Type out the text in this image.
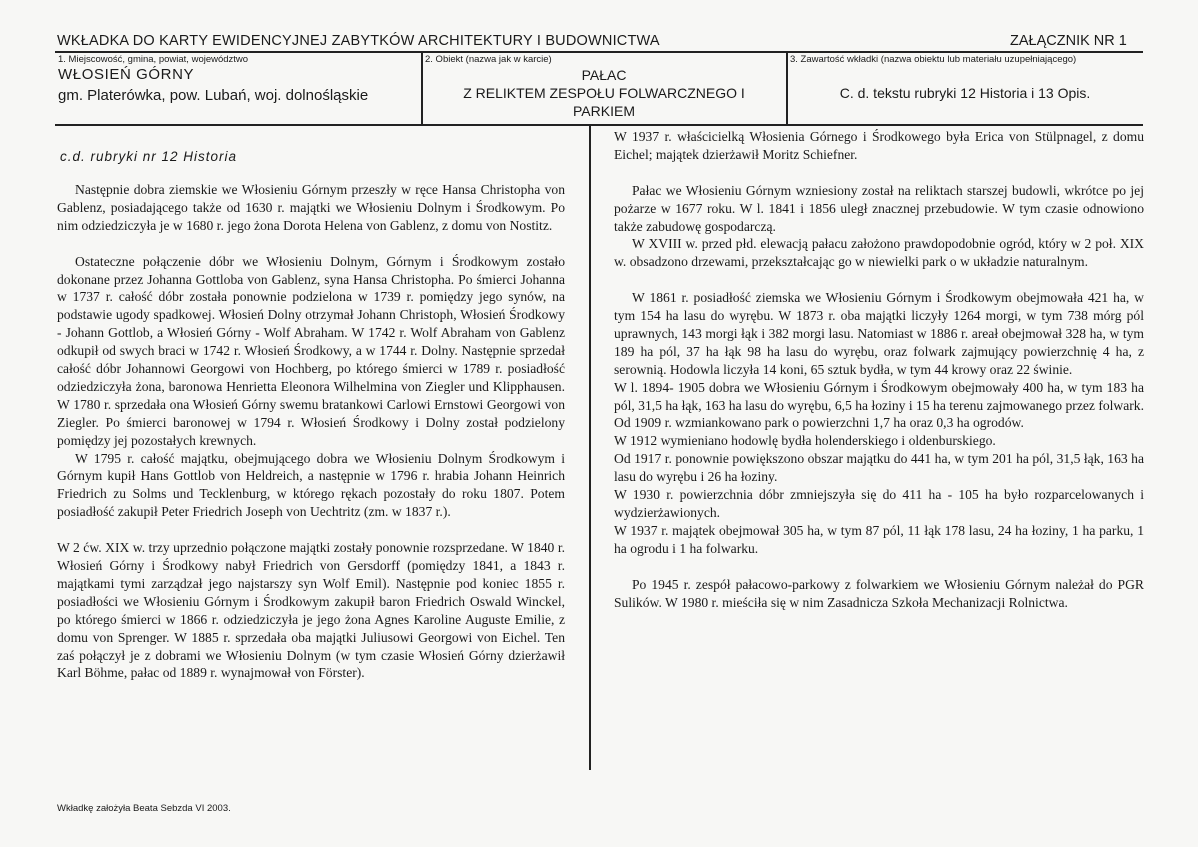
WKŁADKA DO KARTY EWIDENCYJNEJ ZABYTKÓW ARCHITEKTURY I BUDOWNICTWA	ZAŁĄCZNIK NR 1
1. Miejscowość, gmina, powiat, województwo
WŁOSIEŃ GÓRNY
gm. Platerówka, pow. Lubań, woj. dolnośląskie
2. Obiekt (nazwa jak w karcie)
PAŁAC
Z RELIKTEM ZESPOŁU FOLWARCZNEGO I
PARKIEM
3. Zawartość wkładki (nazwa obiektu lub materiału uzupełniającego)
C. d. tekstu rubryki 12 Historia i 13 Opis.
c.d. rubryki nr 12 Historia

Następnie dobra ziemskie we Włosieniu Górnym przeszły w ręce Hansa Christopha von Gablenz, posiadającego także od 1630 r. majątki we Włosieniu Dolnym i Środkowym. Po nim odziedziczyła je w 1680 r. jego żona Dorota Helena von Gablenz, z domu von Nostitz.

Ostateczne połączenie dóbr we Włosieniu Dolnym, Górnym i Środkowym zostało dokonane przez Johanna Gottloba von Gablenz, syna Hansa Christopha. Po śmierci Johanna w 1737 r. całość dóbr została ponownie podzielona w 1739 r. pomiędzy jego synów, na podstawie ugody spadkowej. Włosień Dolny otrzymał Johann Christoph, Włosień Środkowy - Johann Gottlob, a Włosień Górny - Wolf Abraham. W 1742 r. Wolf Abraham von Gablenz odkupił od swych braci w 1742 r. Włosień Środkowy, a w 1744 r. Dolny. Następnie sprzedał całość dóbr Johannowi Georgowi von Hochberg, po którego śmierci w 1789 r. posiadłość odziedziczyła żona, baronowa Henrietta Eleonora Wilhelmina von Ziegler und Klipphausen. W 1780 r. sprzedała ona Włosień Górny swemu bratankowi Carlowi Ernstowi Georgowi von Ziegler. Po śmierci baronowej w 1794 r. Włosień Środkowy i Dolny został podzielony pomiędzy jej pozostałych krewnych.

W 1795 r. całość majątku, obejmującego dobra we Włosieniu Dolnym Środkowym i Górnym kupił Hans Gottlob von Heldreich, a następnie w 1796 r. hrabia Johann Heinrich Friedrich zu Solms und Tecklenburg, w którego rękach pozostały do roku 1807. Potem posiadłość zakupił Peter Friedrich Joseph von Uechtritz (zm. w 1837 r.).

W 2 ćw. XIX w. trzy uprzednio połączone majątki zostały ponownie rozsprzedane. W 1840 r. Włosień Górny i Środkowy nabył Friedrich von Gersdorff (pomiędzy 1841, a 1843 r. majątkami tymi zarządzał jego najstarszy syn Wolf Emil). Następnie pod koniec 1855 r. posiadłości we Włosieniu Górnym i Środkowym zakupił baron Friedrich Oswald Winckel, po którego śmierci w 1866 r. odziedziczyła je jego żona Agnes Karoline Auguste Emilie, z domu von Sprenger. W 1885 r. sprzedała oba majątki Juliusowi Georgowi von Eichel. Ten zaś połączył je z dobrami we Włosieniu Dolnym (w tym czasie Włosień Górny dzierżawił Karl Böhme, pałac od 1889 r. wynajmował von Förster).

W 1937 r. właścicielką Włosienia Górnego i Środkowego była Erica von Stülpnagel, z domu Eichel; majątek dzierżawił Moritz Schiefner.

Pałac we Włosieniu Górnym wzniesiony został na reliktach starszej budowli, wkrótce po jej pożarze w 1677 roku. W l. 1841 i 1856 uległ znacznej przebudowie. W tym czasie odnowiono także zabudowę gospodarczą.

W XVIII w. przed płd. elewacją pałacu założono prawdopodobnie ogród, który w 2 poł. XIX w. obsadzono drzewami, przekształcając go w niewielki park o w układzie naturalnym.

W 1861 r. posiadłość ziemska we Włosieniu Górnym i Środkowym obejmowała 421 ha, w tym 154 ha lasu do wyrębu. W 1873 r. oba majątki liczyły 1264 morgi, w tym 738 mórg pól uprawnych, 143 morgi łąk i 382 morgi lasu. Natomiast w 1886 r. areał obejmował 328 ha, w tym 189 ha pól, 37 ha łąk 98 ha lasu do wyrębu, oraz folwark zajmujący powierzchnię 4 ha, z serownią. Hodowla liczyła 14 koni, 65 sztuk bydła, w tym 44 krowy oraz 22 świnie.

W l. 1894- 1905 dobra we Włosieniu Górnym i Środkowym obejmowały 400 ha, w tym 183 ha pól, 31,5 ha łąk, 163 ha lasu do wyrębu, 6,5 ha łoziny i 15 ha terenu zajmowanego przez folwark. Od 1909 r. wzmiankowano park o powierzchni 1,7 ha oraz 0,3 ha ogrodów.

W 1912 wymieniano hodowlę bydła holenderskiego i oldenburskiego.

Od 1917 r. ponownie powiększono obszar majątku do 441 ha, w tym 201 ha pól, 31,5 łąk, 163 ha lasu do wyrębu i 26 ha łoziny.

W 1930 r. powierzchnia dóbr zmniejszyła się do 411 ha - 105 ha było rozparcelowanych i wydzierżawionych.

W 1937 r. majątek obejmował 305 ha, w tym 87 pól, 11 łąk 178 lasu, 24 ha łoziny, 1 ha parku, 1 ha ogrodu i 1 ha folwarku.

Po 1945 r. zespół pałacowo-parkowy z folwarkiem we Włosieniu Górnym należał do PGR Sulików. W 1980 r. mieściła się w nim Zasadnicza Szkoła Mechanizacji Rolnictwa.

Wkładkę założyła Beata Sebzda VI 2003.
